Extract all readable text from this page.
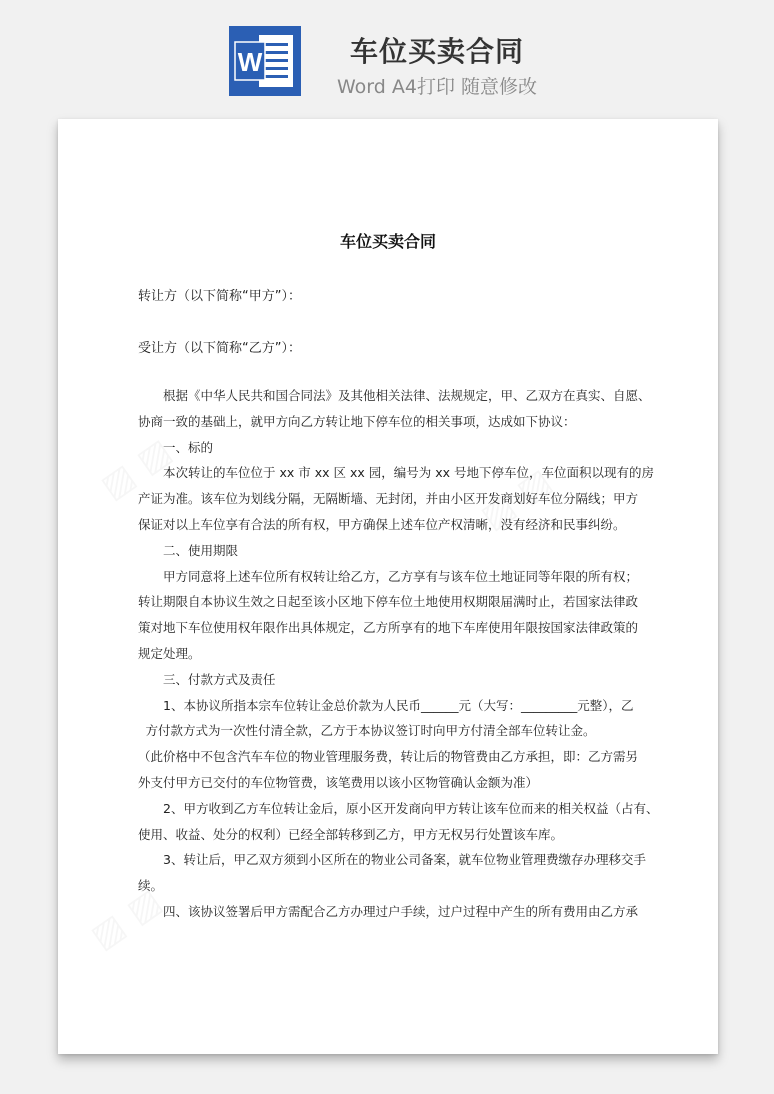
W	车位买卖合同
Word A4打印 随意修改
车位买卖合同
转让方（以下简称“甲方”）：
受让方（以下简称“乙方”）：

根据《中华人民共和国合同法》及其他相关法律、法规规定，甲、乙双方在真实、自愿、

协商一致的基础上，就甲方向乙方转让地下停车位的相关事项，达成如下协议：

一、标的

本次转让的车位位于 xx 市 xx 区 xx 园，编号为 xx 号地下停车位，车位面积以现有的房

产证为准。该车位为划线分隔，无隔断墙、无封闭，并由小区开发商划好车位分隔线；甲方

保证对以上车位享有合法的所有权，甲方确保上述车位产权清晰，没有经济和民事纠纷。

二、使用期限

甲方同意将上述车位所有权转让给乙方，乙方享有与该车位土地证同等年限的所有权；

转让期限自本协议生效之日起至该小区地下停车位土地使用权期限届满时止，若国家法律政

策对地下车位使用权年限作出具体规定，乙方所享有的地下车库使用年限按国家法律政策的

规定处理。

三、付款方式及责任

1、本协议所指本宗车位转让金总价款为人民币______元（大写：_________元整），乙

方付款方式为一次性付清全款，乙方于本协议签订时向甲方付清全部车位转让金。

（此价格中不包含汽车车位的物业管理服务费，转让后的物管费由乙方承担，即：乙方需另

外支付甲方已交付的车位物管费，该笔费用以该小区物管确认金额为准）

2、甲方收到乙方车位转让金后，原小区开发商向甲方转让该车位而来的相关权益（占有、

使用、收益、处分的权利）已经全部转移到乙方，甲方无权另行处置该车库。

3、转让后，甲乙双方须到小区所在的物业公司备案，就车位物业管理费缴存办理移交手

续。

四、该协议签署后甲方需配合乙方办理过户手续，过户过程中产生的所有费用由乙方承
